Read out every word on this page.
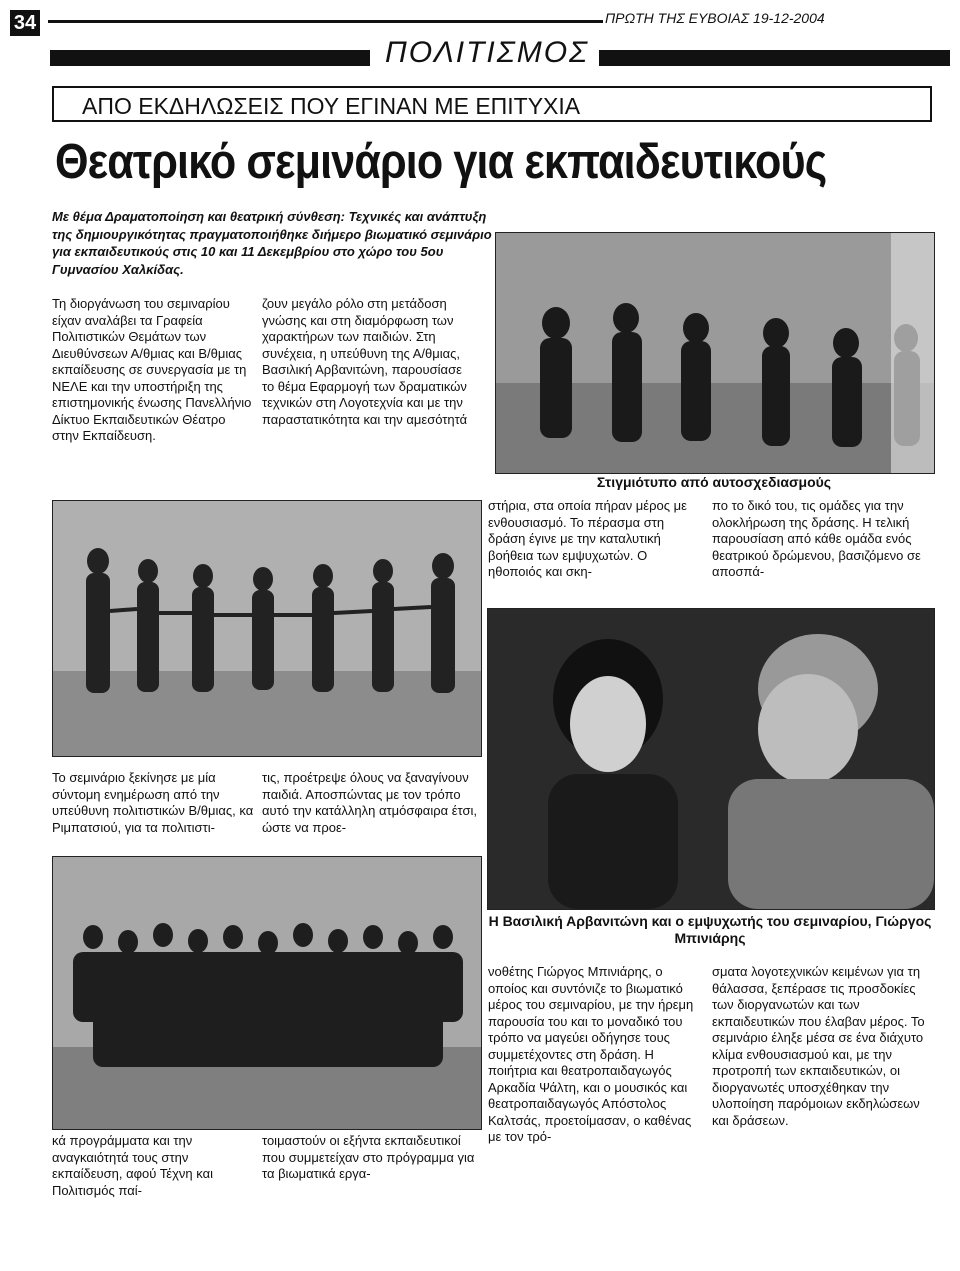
34	ΠΡΩΤΗ ΤΗΣ ΕΥΒΟΙΑΣ 19-12-2004
ΠΟΛΙΤΙΣΜΟΣ
ΑΠΟ ΕΚΔΗΛΩΣΕΙΣ ΠΟΥ ΕΓΙΝΑΝ ΜΕ ΕΠΙΤΥΧΙΑ
Θεατρικό σεμινάριο για εκπαιδευτικούς
Με θέμα Δραματοποίηση και θεατρική σύνθεση: Τεχνικές και ανάπτυξη της δημιουργικότητας πραγματοποιήθηκε διήμερο βιωματικό σεμινάριο για εκπαιδευτικούς στις 10 και 11 Δεκεμβρίου στο χώρο του 5ου Γυμνασίου Χαλκίδας.
Τη διοργάνωση του σεμιναρίου είχαν αναλάβει τα Γραφεία Πολιτιστικών Θεμάτων των Διευθύνσεων Α/θμιας και Β/θμιας εκπαίδευσης σε συνεργασία με τη ΝΕΛΕ και την υποστήριξη της επιστημονικής ένωσης Πανελλήνιο Δίκτυο Εκπαιδευτικών Θέατρο στην Εκπαίδευση.
ζουν μεγάλο ρόλο στη μετάδοση γνώσης και στη διαμόρφωση των χαρακτήρων των παιδιών. Στη συνέχεια, η υπεύθυνη της Α/θμιας, Βασιλική Αρβανιτώνη, παρουσίασε το θέμα Εφαρμογή των δραματικών τεχνικών στη Λογοτεχνία και με την παραστατικότητα και την αμεσότητά
Στιγμιότυπο από αυτοσχεδιασμούς
στήρια, στα οποία πήραν μέρος με ενθουσιασμό. Το πέρασμα στη δράση έγινε με την καταλυτική βοήθεια των εμψυχωτών. Ο ηθοποιός και σκη-
πο το δικό του, τις ομάδες για την ολοκλήρωση της δράσης. Η τελική παρουσίαση από κάθε ομάδα ενός θεατρικού δρώμενου, βασιζόμενο σε αποσπά-
Το σεμινάριο ξεκίνησε με μία σύντομη ενημέρωση από την υπεύθυνη πολιτιστικών Β/θμιας, κα Ριμπατσιού, για τα πολιτιστι-
τις, προέτρεψε όλους να ξαναγίνουν παιδιά. Αποσπώντας με τον τρόπο αυτό την κατάλληλη ατμόσφαιρα έτσι, ώστε να προε-
Η Βασιλική Αρβανιτώνη και ο εμψυχωτής του σεμιναρίου, Γιώργος Μπινιάρης
νοθέτης Γιώργος Μπινιάρης, ο οποίος και συντόνιζε το βιωματικό μέρος του σεμιναρίου, με την ήρεμη παρουσία του και το μοναδικό του τρόπο να μαγεύει οδήγησε τους συμμετέχοντες στη δράση. Η ποιήτρια και θεατροπαιδαγωγός Αρκαδία Ψάλτη, και ο μουσικός και θεατροπαιδαγωγός Απόστολος Καλτσάς, προετοίμασαν, ο καθένας με τον τρό-
σματα λογοτεχνικών κειμένων για τη θάλασσα, ξεπέρασε τις προσδοκίες των διοργανωτών και των εκπαιδευτικών που έλαβαν μέρος. Το σεμινάριο έληξε μέσα σε ένα διάχυτο κλίμα ενθουσιασμού και, με την προτροπή των εκπαιδευτικών, οι διοργανωτές υποσχέθηκαν την υλοποίηση παρόμοιων εκδηλώσεων και δράσεων.
κά προγράμματα και την αναγκαιότητά τους στην εκπαίδευση, αφού Τέχνη και Πολιτισμός παί-
τοιμαστούν οι εξήντα εκπαιδευτικοί που συμμετείχαν στο πρόγραμμα για τα βιωματικά εργα-
